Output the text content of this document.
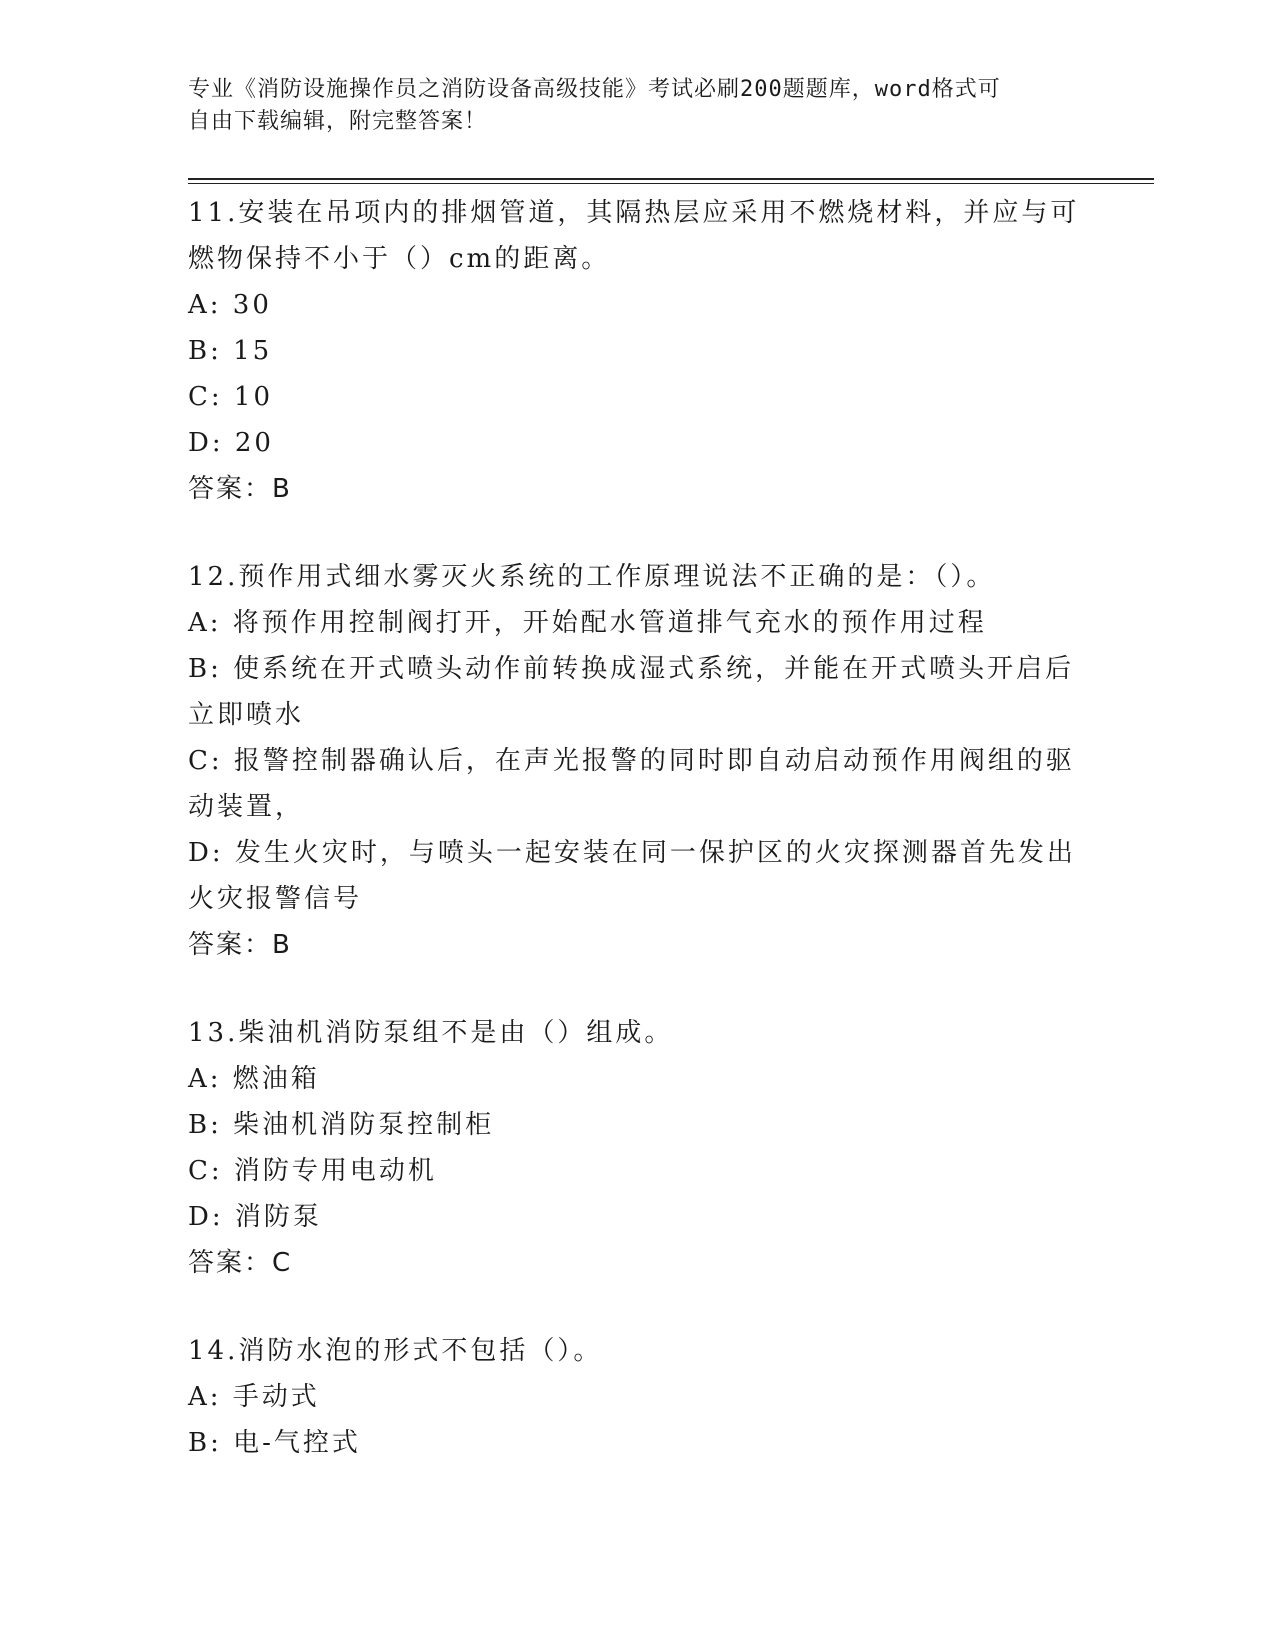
专业《消防设施操作员之消防设备高级技能》考试必刷200题题库，word格式可
自由下载编辑，附完整答案！
11.安装在吊项内的排烟管道，其隔热层应采用不燃烧材料，并应与可
燃物保持不小于（）cm的距离。
A: 30
B: 15
C: 10
D: 20
答案：B
12.预作用式细水雾灭火系统的工作原理说法不正确的是：（）。
A: 将预作用控制阀打开，开始配水管道排气充水的预作用过程
B: 使系统在开式喷头动作前转换成湿式系统，并能在开式喷头开启后
立即喷水
C: 报警控制器确认后，在声光报警的同时即自动启动预作用阀组的驱
动装置，
D: 发生火灾时，与喷头一起安装在同一保护区的火灾探测器首先发出
火灾报警信号
答案：B
13.柴油机消防泵组不是由（）组成。
A: 燃油箱
B: 柴油机消防泵控制柜
C: 消防专用电动机
D: 消防泵
答案：C
14.消防水泡的形式不包括（）。
A: 手动式
B: 电-气控式
